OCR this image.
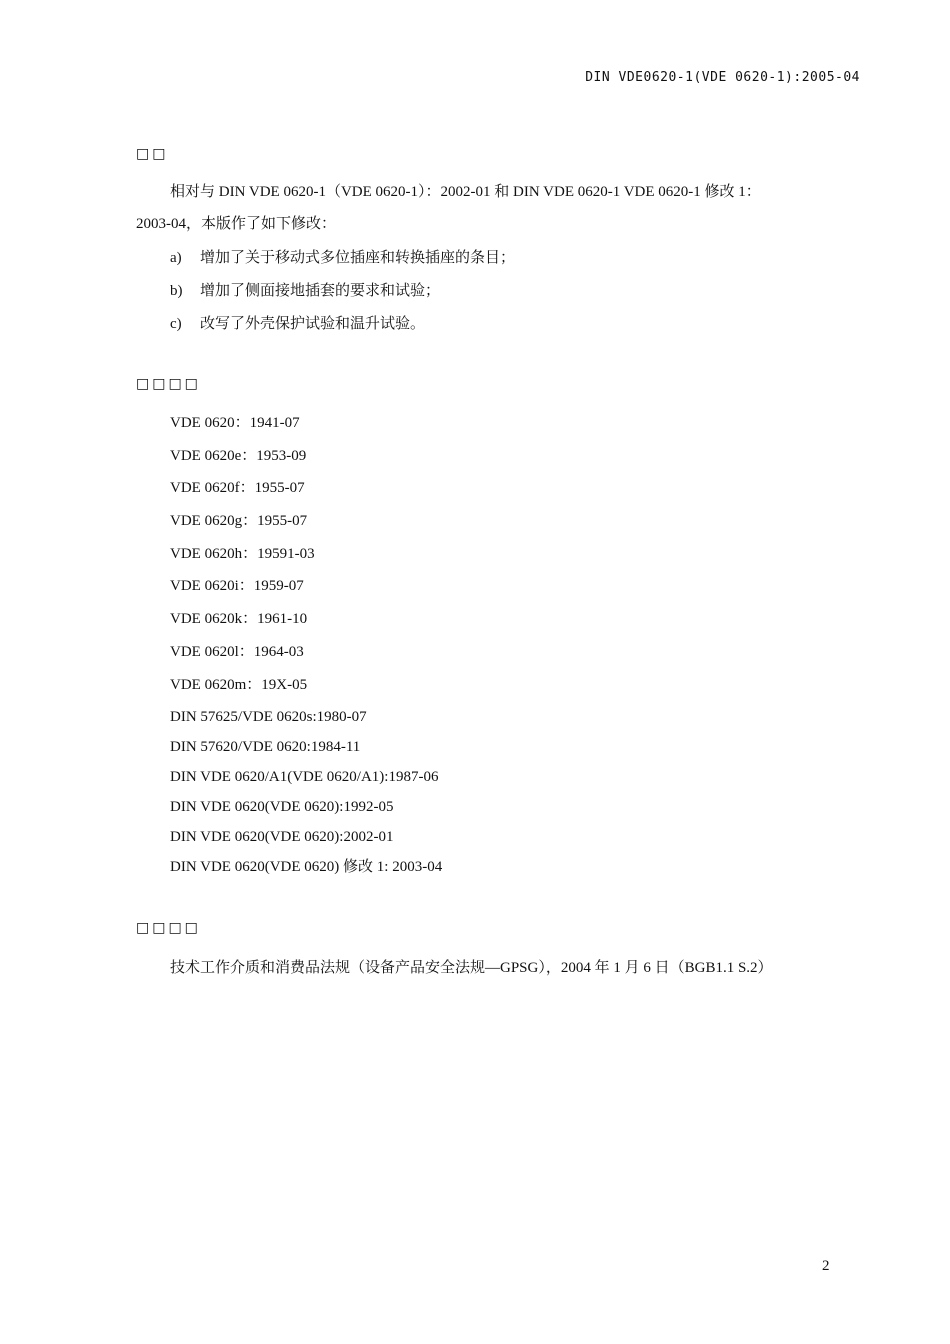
DIN VDE0620-1(VDE 0620-1):2005-04
□□
相对与 DIN VDE 0620-1（VDE 0620-1）：2002-01 和 DIN VDE 0620-1 VDE 0620-1 修改 1：
2003-04，本版作了如下修改：
a) 增加了关于移动式多位插座和转换插座的条目；
b) 增加了侧面接地插套的要求和试验；
c) 改写了外壳保护试验和温升试验。
□□□□
VDE 0620：1941-07
VDE 0620e：1953-09
VDE 0620f：1955-07
VDE 0620g：1955-07
VDE 0620h：19591-03
VDE 0620i：1959-07
VDE 0620k：1961-10
VDE 0620l：1964-03
VDE 0620m：19X-05
DIN 57625/VDE 0620s:1980-07
DIN 57620/VDE 0620:1984-11
DIN VDE 0620/A1(VDE 0620/A1):1987-06
DIN VDE 0620(VDE 0620):1992-05
DIN VDE 0620(VDE 0620):2002-01
DIN VDE 0620(VDE 0620) 修改 1: 2003-04
□□□□
技术工作介质和消费品法规（设备产品安全法规—GPSG），2004 年 1 月 6 日（BGB1.1 S.2）
2
